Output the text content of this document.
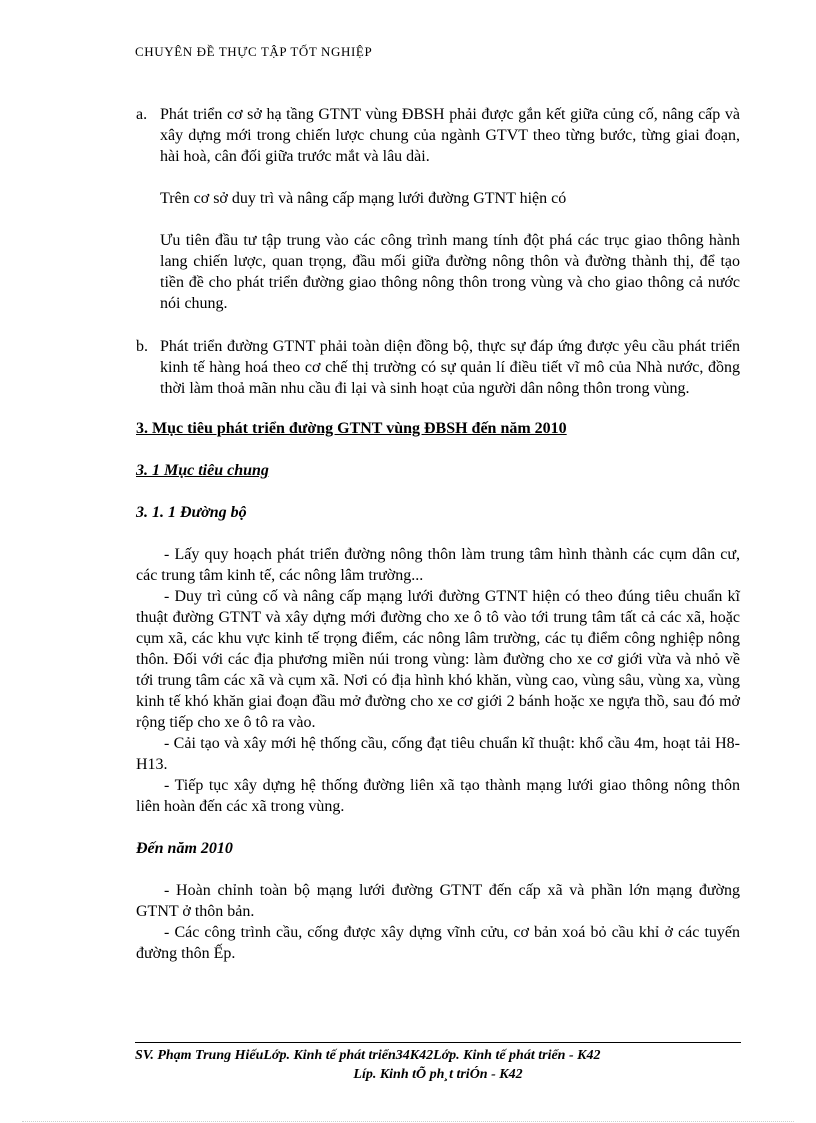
CHUYÊN ĐỀ THỰC TẬP TỐT NGHIỆP
a. Phát triển cơ sở hạ tầng GTNT vùng ĐBSH phải được gắn kết giữa củng cố, nâng cấp và xây dựng mới trong chiến lược chung của ngành GTVT theo từng bước, từng giai đoạn, hài hoà, cân đối giữa trước mắt và lâu dài.

Trên cơ sở duy trì và nâng cấp mạng lưới đường GTNT hiện có

Ưu tiên đầu tư tập trung vào các công trình mang tính đột phá các trục giao thông hành lang chiến lược, quan trọng, đầu mối giữa đường nông thôn và đường thành thị, để tạo tiền đề cho phát triển đường giao thông nông thôn trong vùng và cho giao thông cả nước nói chung.

b. Phát triển đường GTNT phải toàn diện đồng bộ, thực sự đáp ứng được yêu cầu phát triển kinh tế hàng hoá theo cơ chế thị trường có sự quản lí điều tiết vĩ mô của Nhà nước, đồng thời làm thoả mãn nhu cầu đi lại và sinh hoạt của người dân nông thôn trong vùng.

3. Mục tiêu phát triển đường GTNT vùng ĐBSH đến năm 2010

3. 1 Mục tiêu chung

3. 1. 1 Đường bộ

- Lấy quy hoạch phát triển đường nông thôn làm trung tâm hình thành các cụm dân cư, các trung tâm kinh tế, các nông lâm trường...

- Duy trì củng cố và nâng cấp mạng lưới đường GTNT hiện có theo đúng tiêu chuẩn kĩ thuật đường GTNT và xây dựng mới đường cho xe ô tô vào tới trung tâm tất cả các xã, hoặc cụm xã, các khu vực kinh tế trọng điểm, các nông lâm trường, các tụ điểm công nghiệp nông thôn. Đối với các địa phương miền núi trong vùng: làm đường cho xe cơ giới vừa và nhỏ về tới trung tâm các xã và cụm xã. Nơi có địa hình khó khăn, vùng cao, vùng sâu, vùng xa, vùng kinh tế khó khăn giai đoạn đầu mở đường cho xe cơ giới 2 bánh hoặc xe ngựa thồ, sau đó mở rộng tiếp cho xe ô tô ra vào.

- Cải tạo và xây mới hệ thống cầu, cống đạt tiêu chuẩn kĩ thuật: khổ cầu 4m, hoạt tải H8-H13.

- Tiếp tục xây dựng hệ thống đường liên xã tạo thành mạng lưới giao thông nông thôn liên hoàn đến các xã trong vùng.

Đến năm 2010

- Hoàn chỉnh toàn bộ mạng lưới đường GTNT đến cấp xã và phần lớn mạng đường GTNT ở thôn bản.

- Các công trình cầu, cống được xây dựng vĩnh cửu, cơ bản xoá bỏ cầu khỉ ở các tuyến đường thôn Ếp.

SV. Phạm Trung HiếuLớp. Kinh tế phát triển34K42Lớp. Kinh tế phát triển - K42
Líp. Kinh tÕ ph¸t triÓn - K42
